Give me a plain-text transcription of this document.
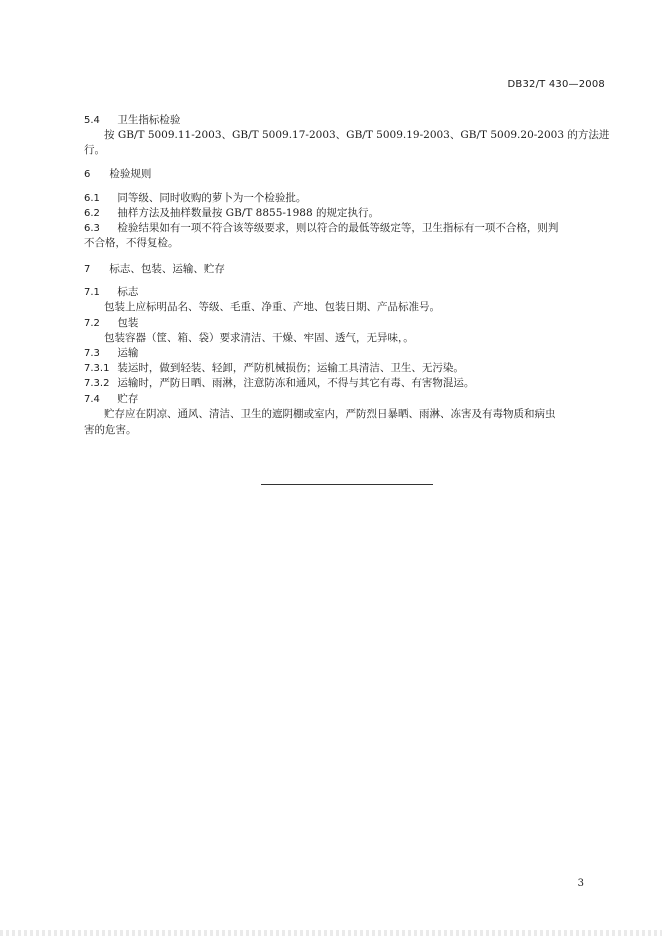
DB32/T 430—2008
5.4 卫生指标检验
按 GB/T 5009.11-2003、GB/T 5009.17-2003、GB/T 5009.19-2003、GB/T 5009.20-2003 的方法进
行。
6 检验规则
6.1 同等级、同时收购的萝卜为一个检验批。
6.2 抽样方法及抽样数量按 GB/T 8855-1988 的规定执行。
6.3 检验结果如有一项不符合该等级要求，则以符合的最低等级定等，卫生指标有一项不合格，则判
不合格，不得复检。
7 标志、包装、运输、贮存
7.1 标志
包装上应标明品名、等级、毛重、净重、产地、包装日期、产品标准号。
7.2 包装
包装容器（筐、箱、袋）要求清洁、干燥、牢固、透气，无异味，。
7.3 运输
7.3.1 装运时，做到轻装、轻卸，严防机械损伤；运输工具清洁、卫生、无污染。
7.3.2 运输时，严防日晒、雨淋，注意防冻和通风，不得与其它有毒、有害物混运。
7.4 贮存
贮存应在阴凉、通风、清洁、卫生的遮阴棚或室内，严防烈日暴晒、雨淋、冻害及有毒物质和病虫
害的危害。
3
